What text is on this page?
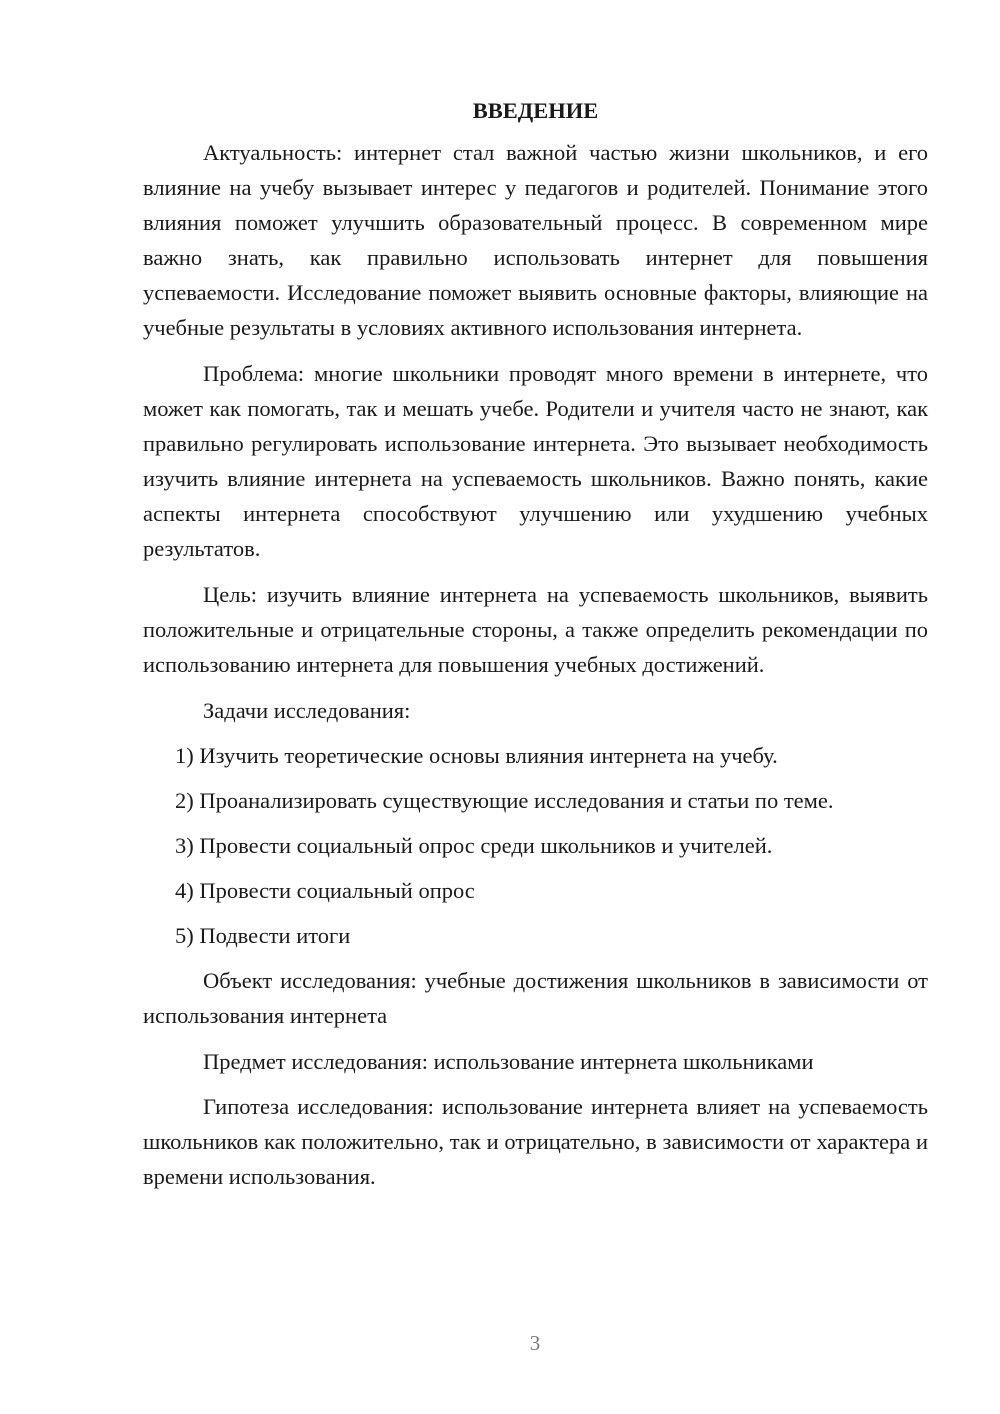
ВВЕДЕНИЕ

Актуальность: интернет стал важной частью жизни школьников, и его влияние на учебу вызывает интерес у педагогов и родителей. Понимание этого влияния поможет улучшить образовательный процесс. В современном мире важно знать, как правильно использовать интернет для повышения успеваемости. Исследование поможет выявить основные факторы, влияющие на учебные результаты в условиях активного использования интернета.

Проблема: многие школьники проводят много времени в интернете, что может как помогать, так и мешать учебе. Родители и учителя часто не знают, как правильно регулировать использование интернета. Это вызывает необходимость изучить влияние интернета на успеваемость школьников. Важно понять, какие аспекты интернета способствуют улучшению или ухудшению учебных результатов.

Цель: изучить влияние интернета на успеваемость школьников, выявить положительные и отрицательные стороны, а также определить рекомендации по использованию интернета для повышения учебных достижений.

Задачи исследования:

1) Изучить теоретические основы влияния интернета на учебу.
2) Проанализировать существующие исследования и статьи по теме.
3) Провести социальный опрос среди школьников и учителей.
4) Провести социальный опрос
5) Подвести итоги

Объект исследования: учебные достижения школьников в зависимости от использования интернета

Предмет исследования: использование интернета школьниками

Гипотеза исследования: использование интернета влияет на успеваемость школьников как положительно, так и отрицательно, в зависимости от характера и времени использования.

3
